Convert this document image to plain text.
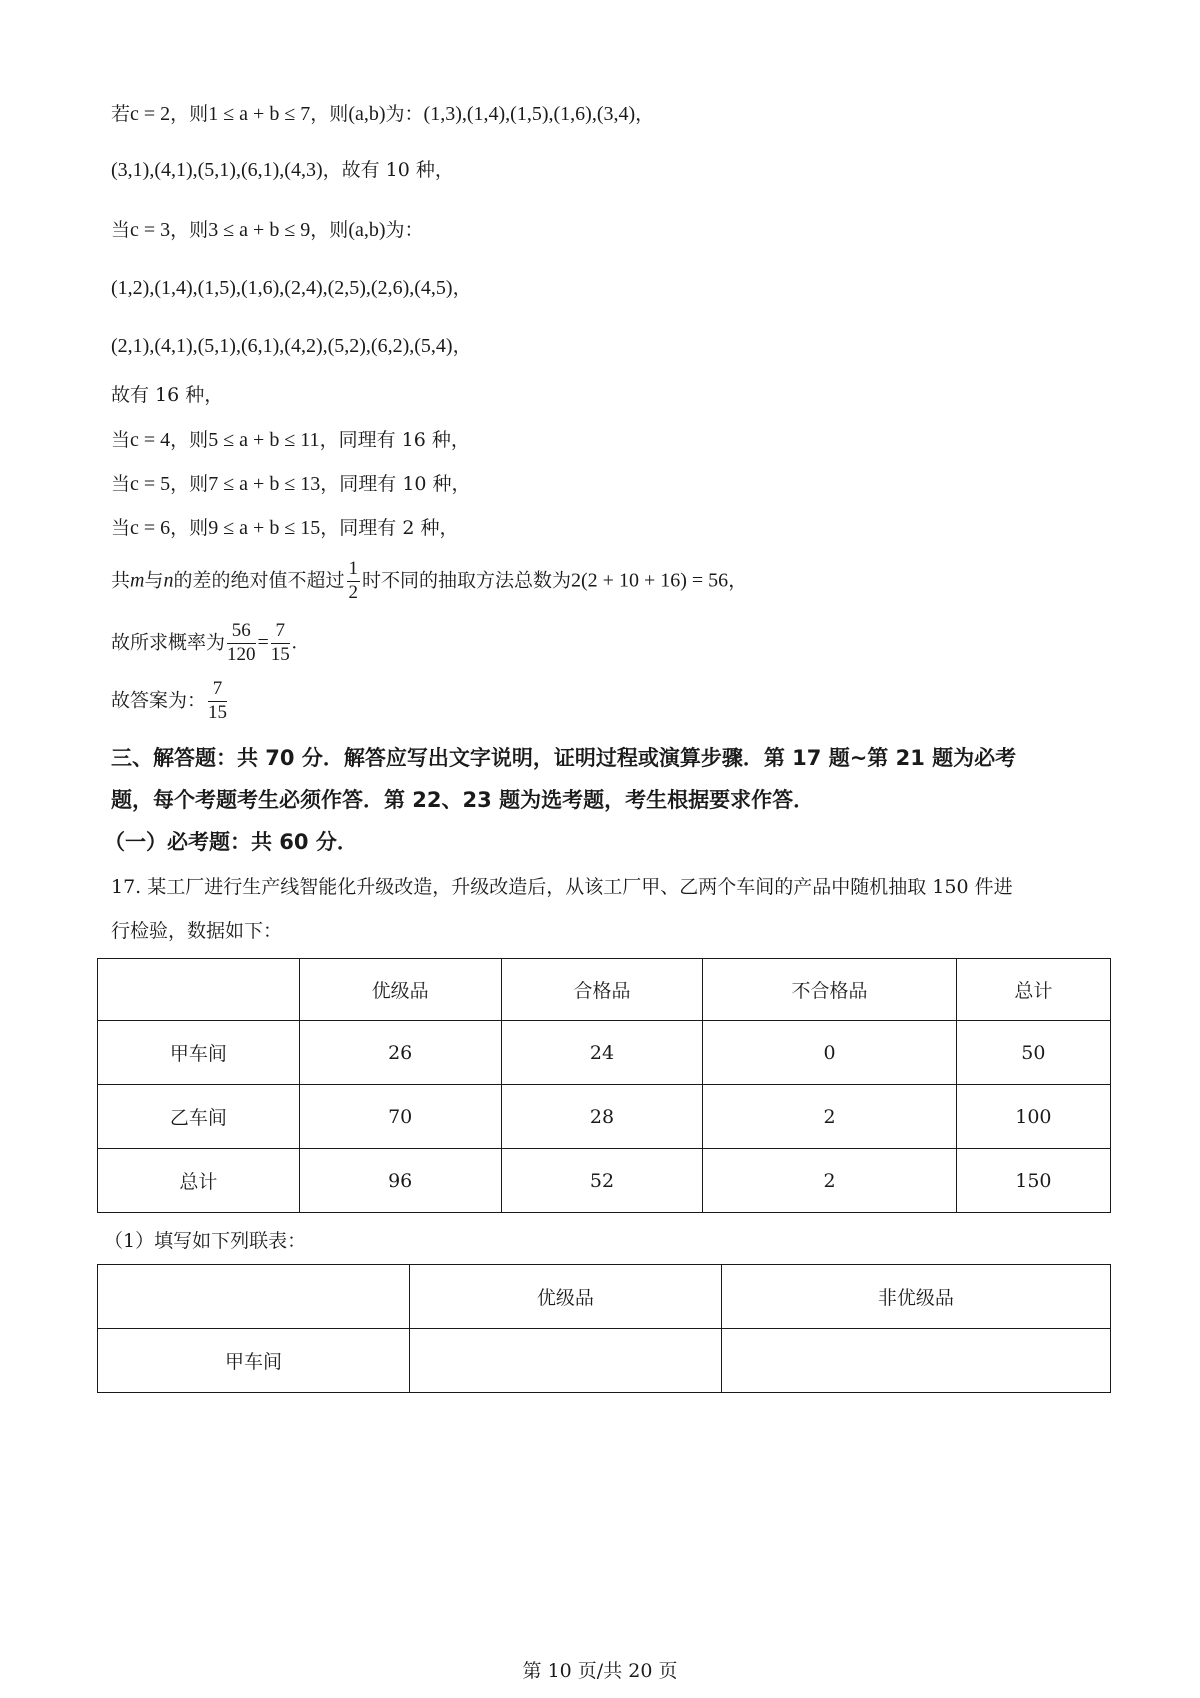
若c = 2，则1 ≤ a + b ≤ 7，则(a,b)为：(1,3),(1,4),(1,5),(1,6),(3,4)，
(3,1),(4,1),(5,1),(6,1),(4,3)，故有 10 种，
当c = 3，则3 ≤ a + b ≤ 9，则(a,b)为：
(1,2),(1,4),(1,5),(1,6),(2,4),(2,5),(2,6),(4,5)，
(2,1),(4,1),(5,1),(6,1),(4,2),(5,2),(6,2),(5,4)，
故有 16 种，
当c = 4，则5 ≤ a + b ≤ 11，同理有 16 种，
当c = 5，则7 ≤ a + b ≤ 13，同理有 10 种，
当c = 6，则9 ≤ a + b ≤ 15，同理有 2 种，
共m与n的差的绝对值不超过 $\frac{1}{2}$ 时不同的抽取方法总数为2(2 + 10 + 16) = 56，
故所求概率为 $\frac{56}{120} = \frac{7}{15}$ .
故答案为： $\frac{7}{15}$
三、解答题：共 70 分．解答应写出文字说明，证明过程或演算步骤．第 17 题~第 21 题为必考
题，每个考题考生必须作答．第 22、23 题为选考题，考生根据要求作答．
（一）必考题：共 60 分．
17. 某工厂进行生产线智能化升级改造，升级改造后，从该工厂甲、乙两个车间的产品中随机抽取 150 件进
行检验，数据如下：
	优级品	合格品	不合格品	总计
甲车间	26	24	0	50
乙车间	70	28	2	100
总计	96	52	2	150
（1）填写如下列联表：
	优级品	非优级品
甲车间		
第 10 页/共 20 页
